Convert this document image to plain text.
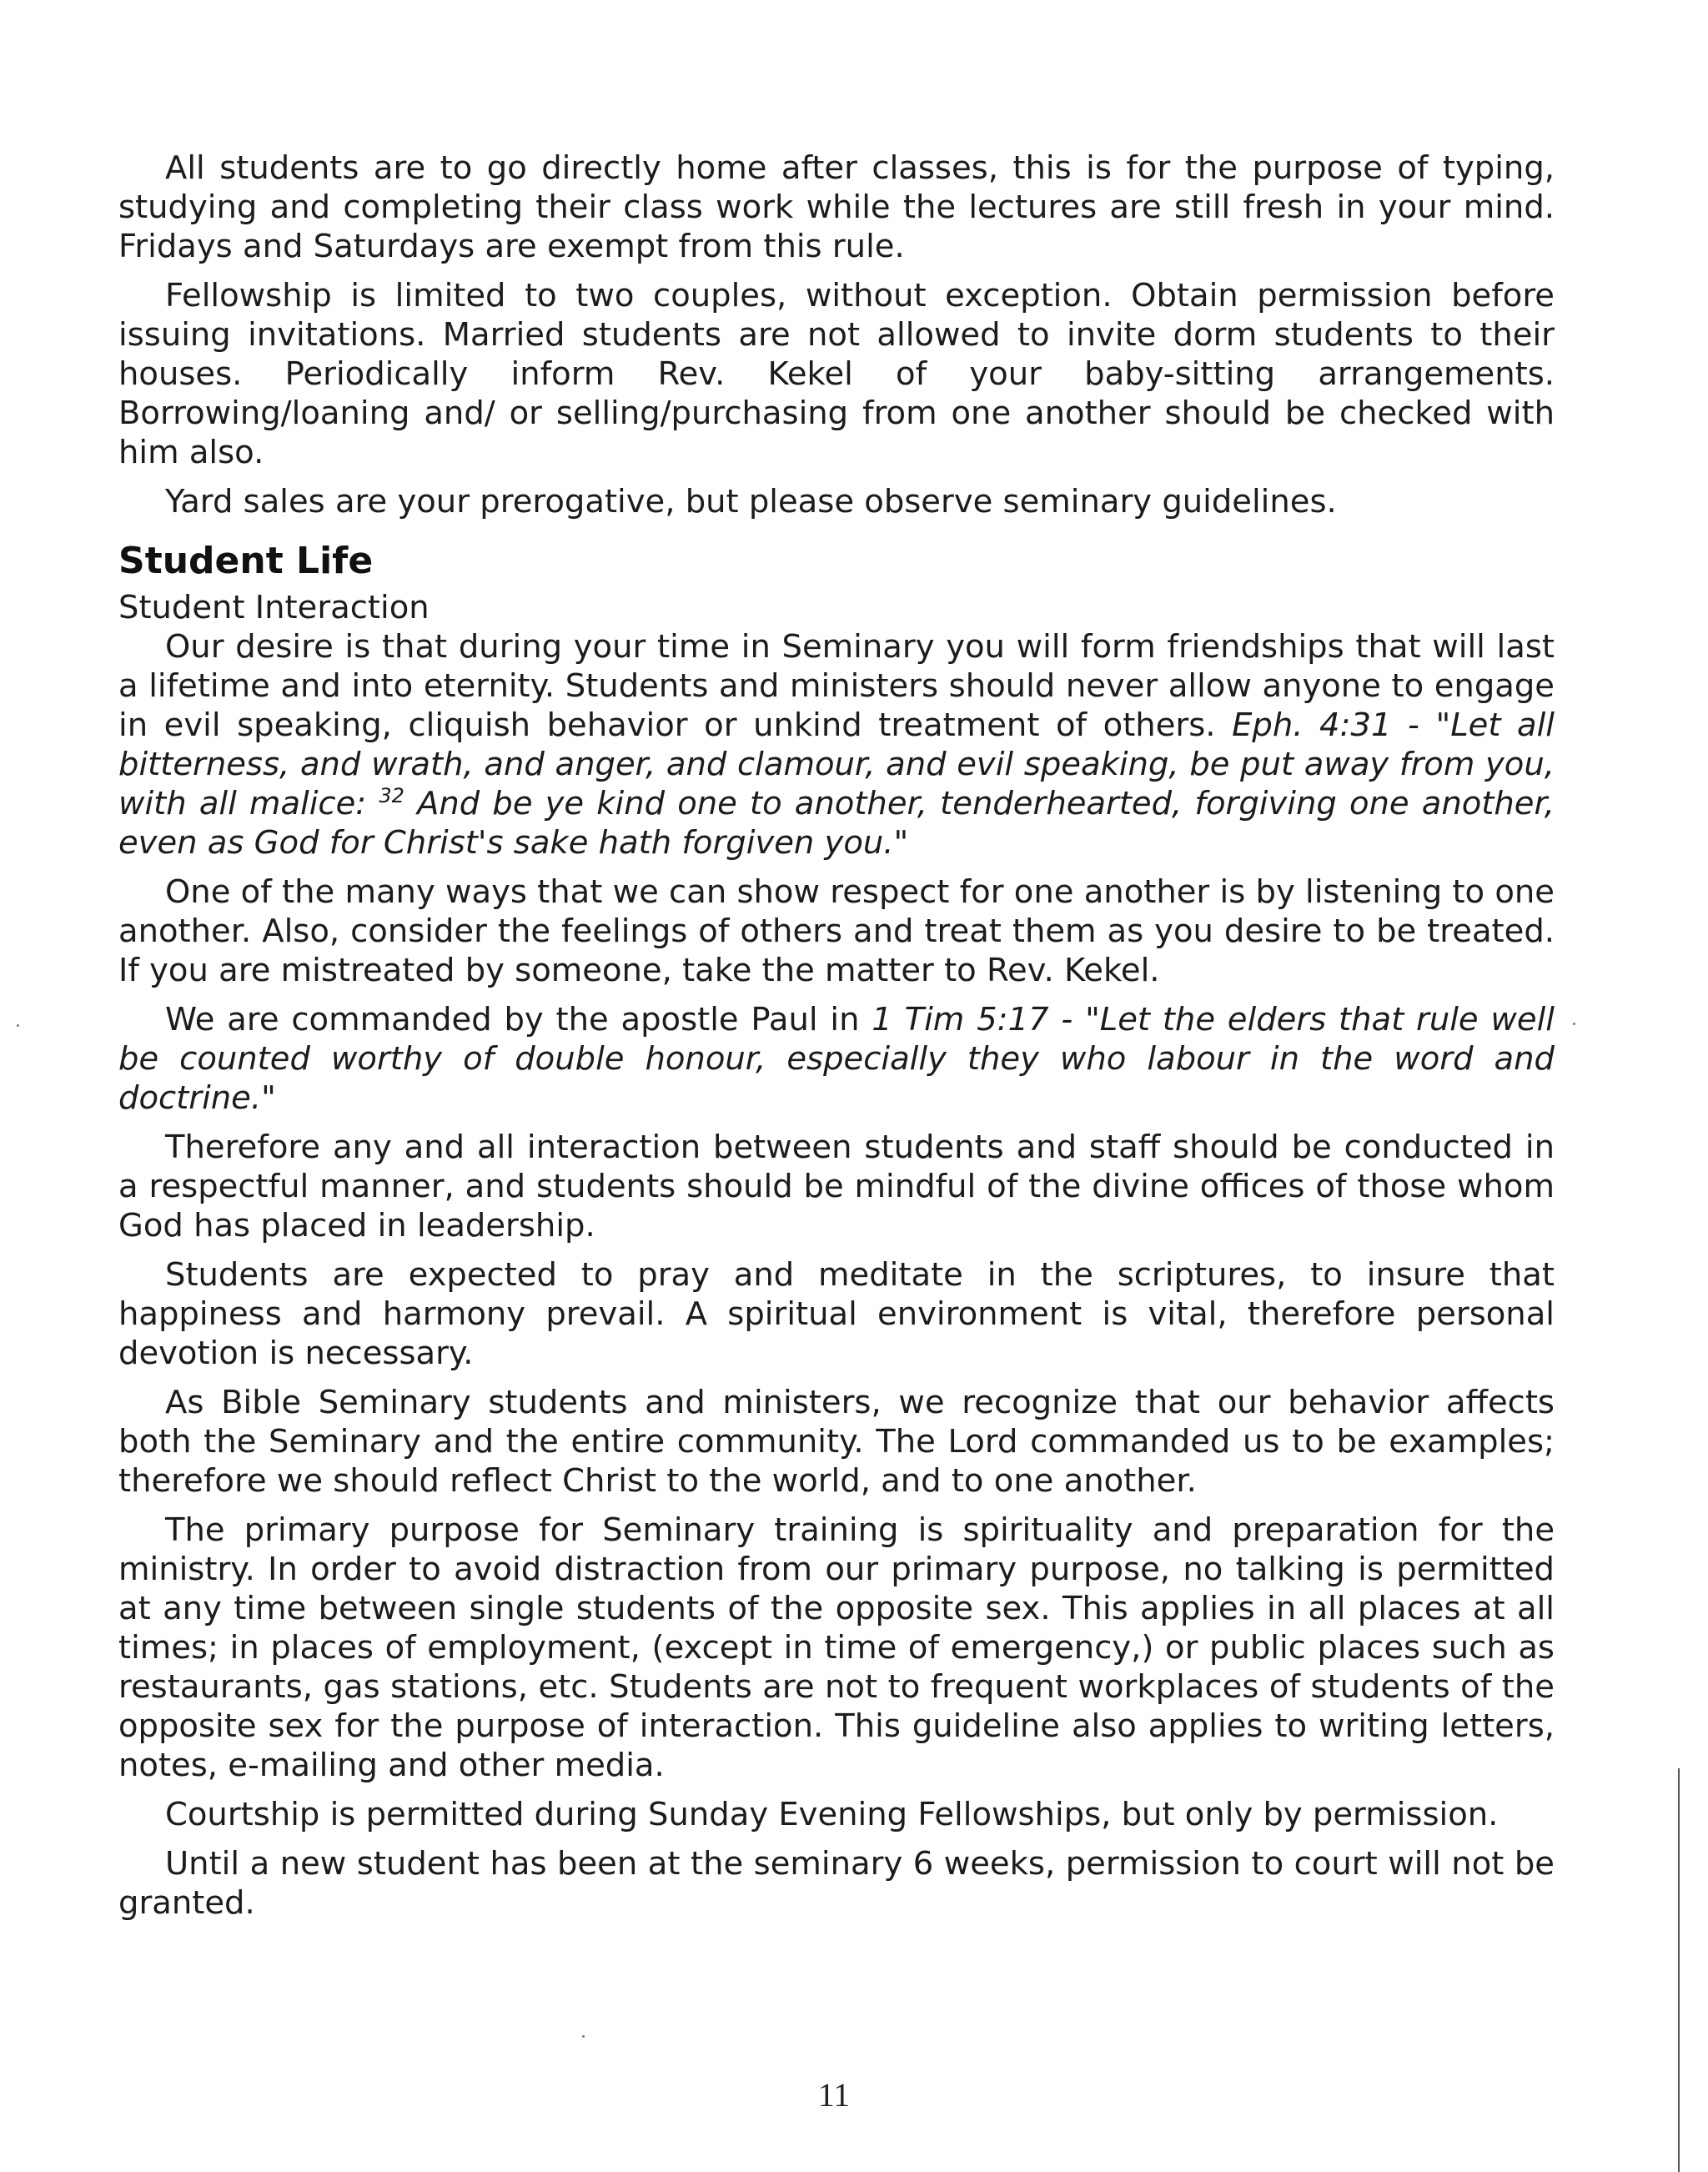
All students are to go directly home after classes, this is for the purpose of typing, studying and completing their class work while the lectures are still fresh in your mind. Fridays and Saturdays are exempt from this rule.

Fellowship is limited to two couples, without exception. Obtain permission before issuing invitations. Married students are not allowed to invite dorm students to their houses. Periodically inform Rev. Kekel of your baby-sitting arrangements. Borrowing/loaning and/ or selling/purchasing from one another should be checked with him also.

Yard sales are your prerogative, but please observe seminary guidelines.

Student Life
Student Interaction

Our desire is that during your time in Seminary you will form friendships that will last a lifetime and into eternity. Students and ministers should never allow anyone to engage in evil speaking, cliquish behavior or unkind treatment of others. Eph. 4:31 - "Let all bitterness, and wrath, and anger, and clamour, and evil speaking, be put away from you, with all malice: $^{32}$ And be ye kind one to another, tenderhearted, forgiving one another, even as God for Christ's sake hath forgiven you."

One of the many ways that we can show respect for one another is by listening to one another. Also, consider the feelings of others and treat them as you desire to be treated. If you are mistreated by someone, take the matter to Rev. Kekel.

We are commanded by the apostle Paul in 1 Tim 5:17 - "Let the elders that rule well be counted worthy of double honour, especially they who labour in the word and doctrine."

Therefore any and all interaction between students and staff should be conducted in a respectful manner, and students should be mindful of the divine offices of those whom God has placed in leadership.

Students are expected to pray and meditate in the scriptures, to insure that happiness and harmony prevail. A spiritual environment is vital, therefore personal devotion is necessary.

As Bible Seminary students and ministers, we recognize that our behavior affects both the Seminary and the entire community. The Lord commanded us to be examples; therefore we should reflect Christ to the world, and to one another.

The primary purpose for Seminary training is spirituality and preparation for the ministry. In order to avoid distraction from our primary purpose, no talking is permitted at any time between single students of the opposite sex. This applies in all places at all times; in places of employment, (except in time of emergency,) or public places such as restaurants, gas stations, etc. Students are not to frequent workplaces of students of the opposite sex for the purpose of interaction. This guideline also applies to writing letters, notes, e-mailing and other media.

Courtship is permitted during Sunday Evening Fellowships, but only by permission.

Until a new student has been at the seminary 6 weeks, permission to court will not be granted.

11
